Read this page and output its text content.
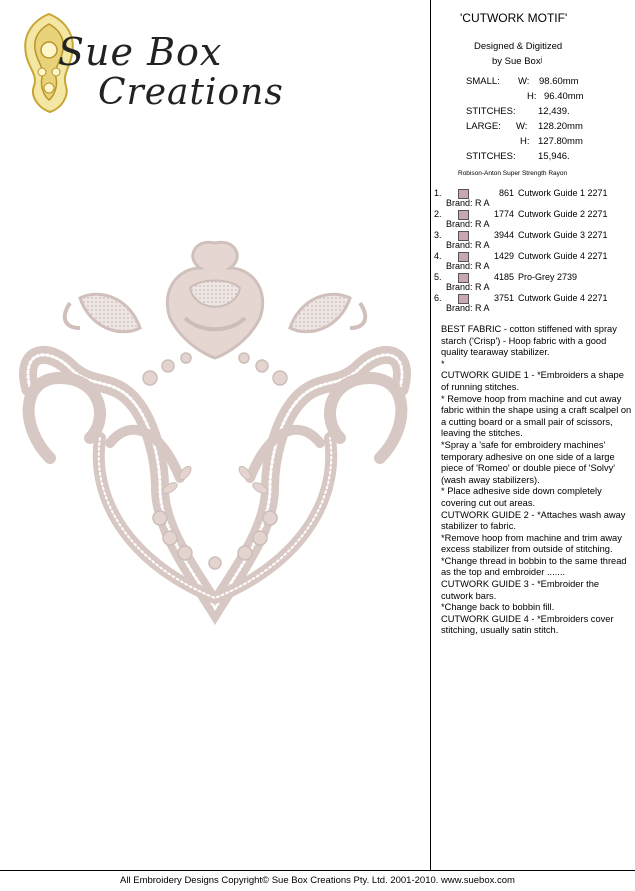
Sue Box
Creations
'CUTWORK MOTIF'
Designed & Digitized
by Sue Boxʲ
SMALL: W: 98.60mm
H: 96.40mm
STITCHES: 12,439.
LARGE: W: 128.20mm
H: 127.80mm
STITCHES: 15,946.
Robison-Anton Super Strength Rayon
1.	861 Cutwork Guide 1 2271
Brand: R A
2.	1774 Cutwork Guide 2 2271
Brand: R A
3.	3944 Cutwork Guide 3 2271
Brand: R A
4.	1429 Cutwork Guide 4 2271
Brand: R A
5.	4185 Pro-Grey 2739
Brand: R A
6.	3751 Cutwork Guide 4 2271
Brand: R A

BEST FABRIC - cotton stiffened with spray starch ('Crisp') - Hoop fabric with a good quality tearaway stabilizer.

*

CUTWORK GUIDE 1 - *Embroiders a shape of running stitches.

* Remove hoop from machine and cut away fabric within the shape using a craft scalpel on a cutting board or a small pair of scissors, leaving the stitches.

*Spray a 'safe for embroidery machines' temporary adhesive on one side of a large piece of 'Romeo' or double piece of 'Solvy' (wash away stabilizers).

* Place adhesive side down completely covering cut out areas.

CUTWORK GUIDE 2 - *Attaches wash away stabilizer to fabric.

*Remove hoop from machine and trim away excess stabilizer from outside of stitching.

*Change thread in bobbin to the same thread as the top and embroider .......

CUTWORK GUIDE 3 - *Embroider the cutwork bars.

*Change back to bobbin fill.

CUTWORK GUIDE 4 - *Embroiders cover stitching, usually satin stitch.

All Embroidery Designs Copyright© Sue Box Creations Pty. Ltd. 2001-2010. www.suebox.com
